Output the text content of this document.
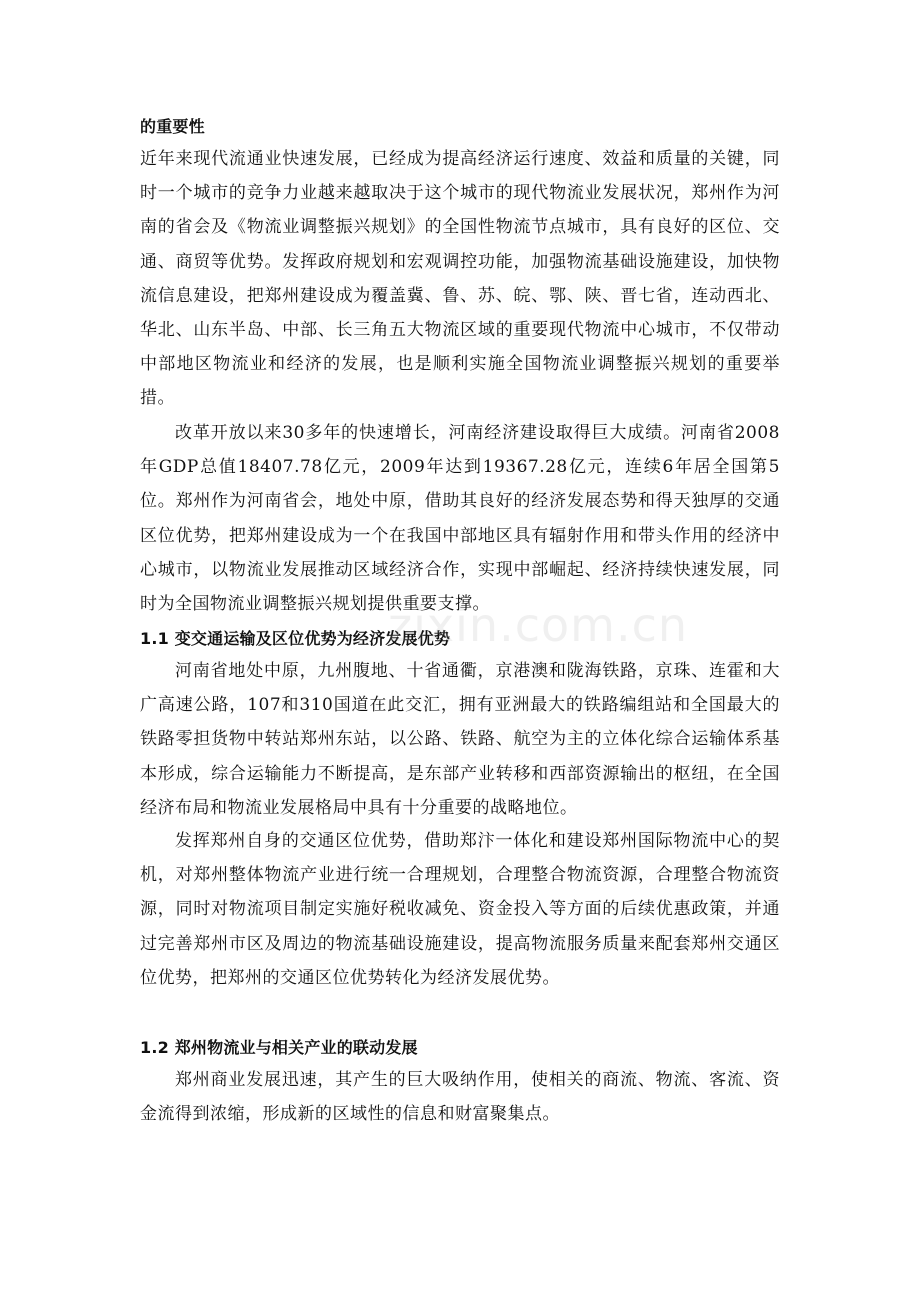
的重要性

近年来现代流通业快速发展，已经成为提高经济运行速度、效益和质量的关键，同时一个城市的竞争力业越来越取决于这个城市的现代物流业发展状况，郑州作为河南的省会及《物流业调整振兴规划》的全国性物流节点城市，具有良好的区位、交通、商贸等优势。发挥政府规划和宏观调控功能，加强物流基础设施建设，加快物流信息建设，把郑州建设成为覆盖冀、鲁、苏、皖、鄂、陕、晋七省，连动西北、华北、山东半岛、中部、长三角五大物流区域的重要现代物流中心城市，不仅带动中部地区物流业和经济的发展，也是顺利实施全国物流业调整振兴规划的重要举措。

改革开放以来30多年的快速增长，河南经济建设取得巨大成绩。河南省2008年GDP总值18407.78亿元，2009年达到19367.28亿元，连续6年居全国第5位。郑州作为河南省会，地处中原，借助其良好的经济发展态势和得天独厚的交通区位优势，把郑州建设成为一个在我国中部地区具有辐射作用和带头作用的经济中心城市，以物流业发展推动区域经济合作，实现中部崛起、经济持续快速发展，同时为全国物流业调整振兴规划提供重要支撑。

1.1 变交通运输及区位优势为经济发展优势

河南省地处中原，九州腹地、十省通衢，京港澳和陇海铁路，京珠、连霍和大广高速公路，107和310国道在此交汇，拥有亚洲最大的铁路编组站和全国最大的铁路零担货物中转站郑州东站，以公路、铁路、航空为主的立体化综合运输体系基本形成，综合运输能力不断提高，是东部产业转移和西部资源输出的枢纽，在全国经济布局和物流业发展格局中具有十分重要的战略地位。

发挥郑州自身的交通区位优势，借助郑汴一体化和建设郑州国际物流中心的契机，对郑州整体物流产业进行统一合理规划，合理整合物流资源，合理整合物流资源，同时对物流项目制定实施好税收减免、资金投入等方面的后续优惠政策，并通过完善郑州市区及周边的物流基础设施建设，提高物流服务质量来配套郑州交通区位优势，把郑州的交通区位优势转化为经济发展优势。

1.2 郑州物流业与相关产业的联动发展

郑州商业发展迅速，其产生的巨大吸纳作用，使相关的商流、物流、客流、资金流得到浓缩，形成新的区域性的信息和财富聚集点。

zixin.com.cn
